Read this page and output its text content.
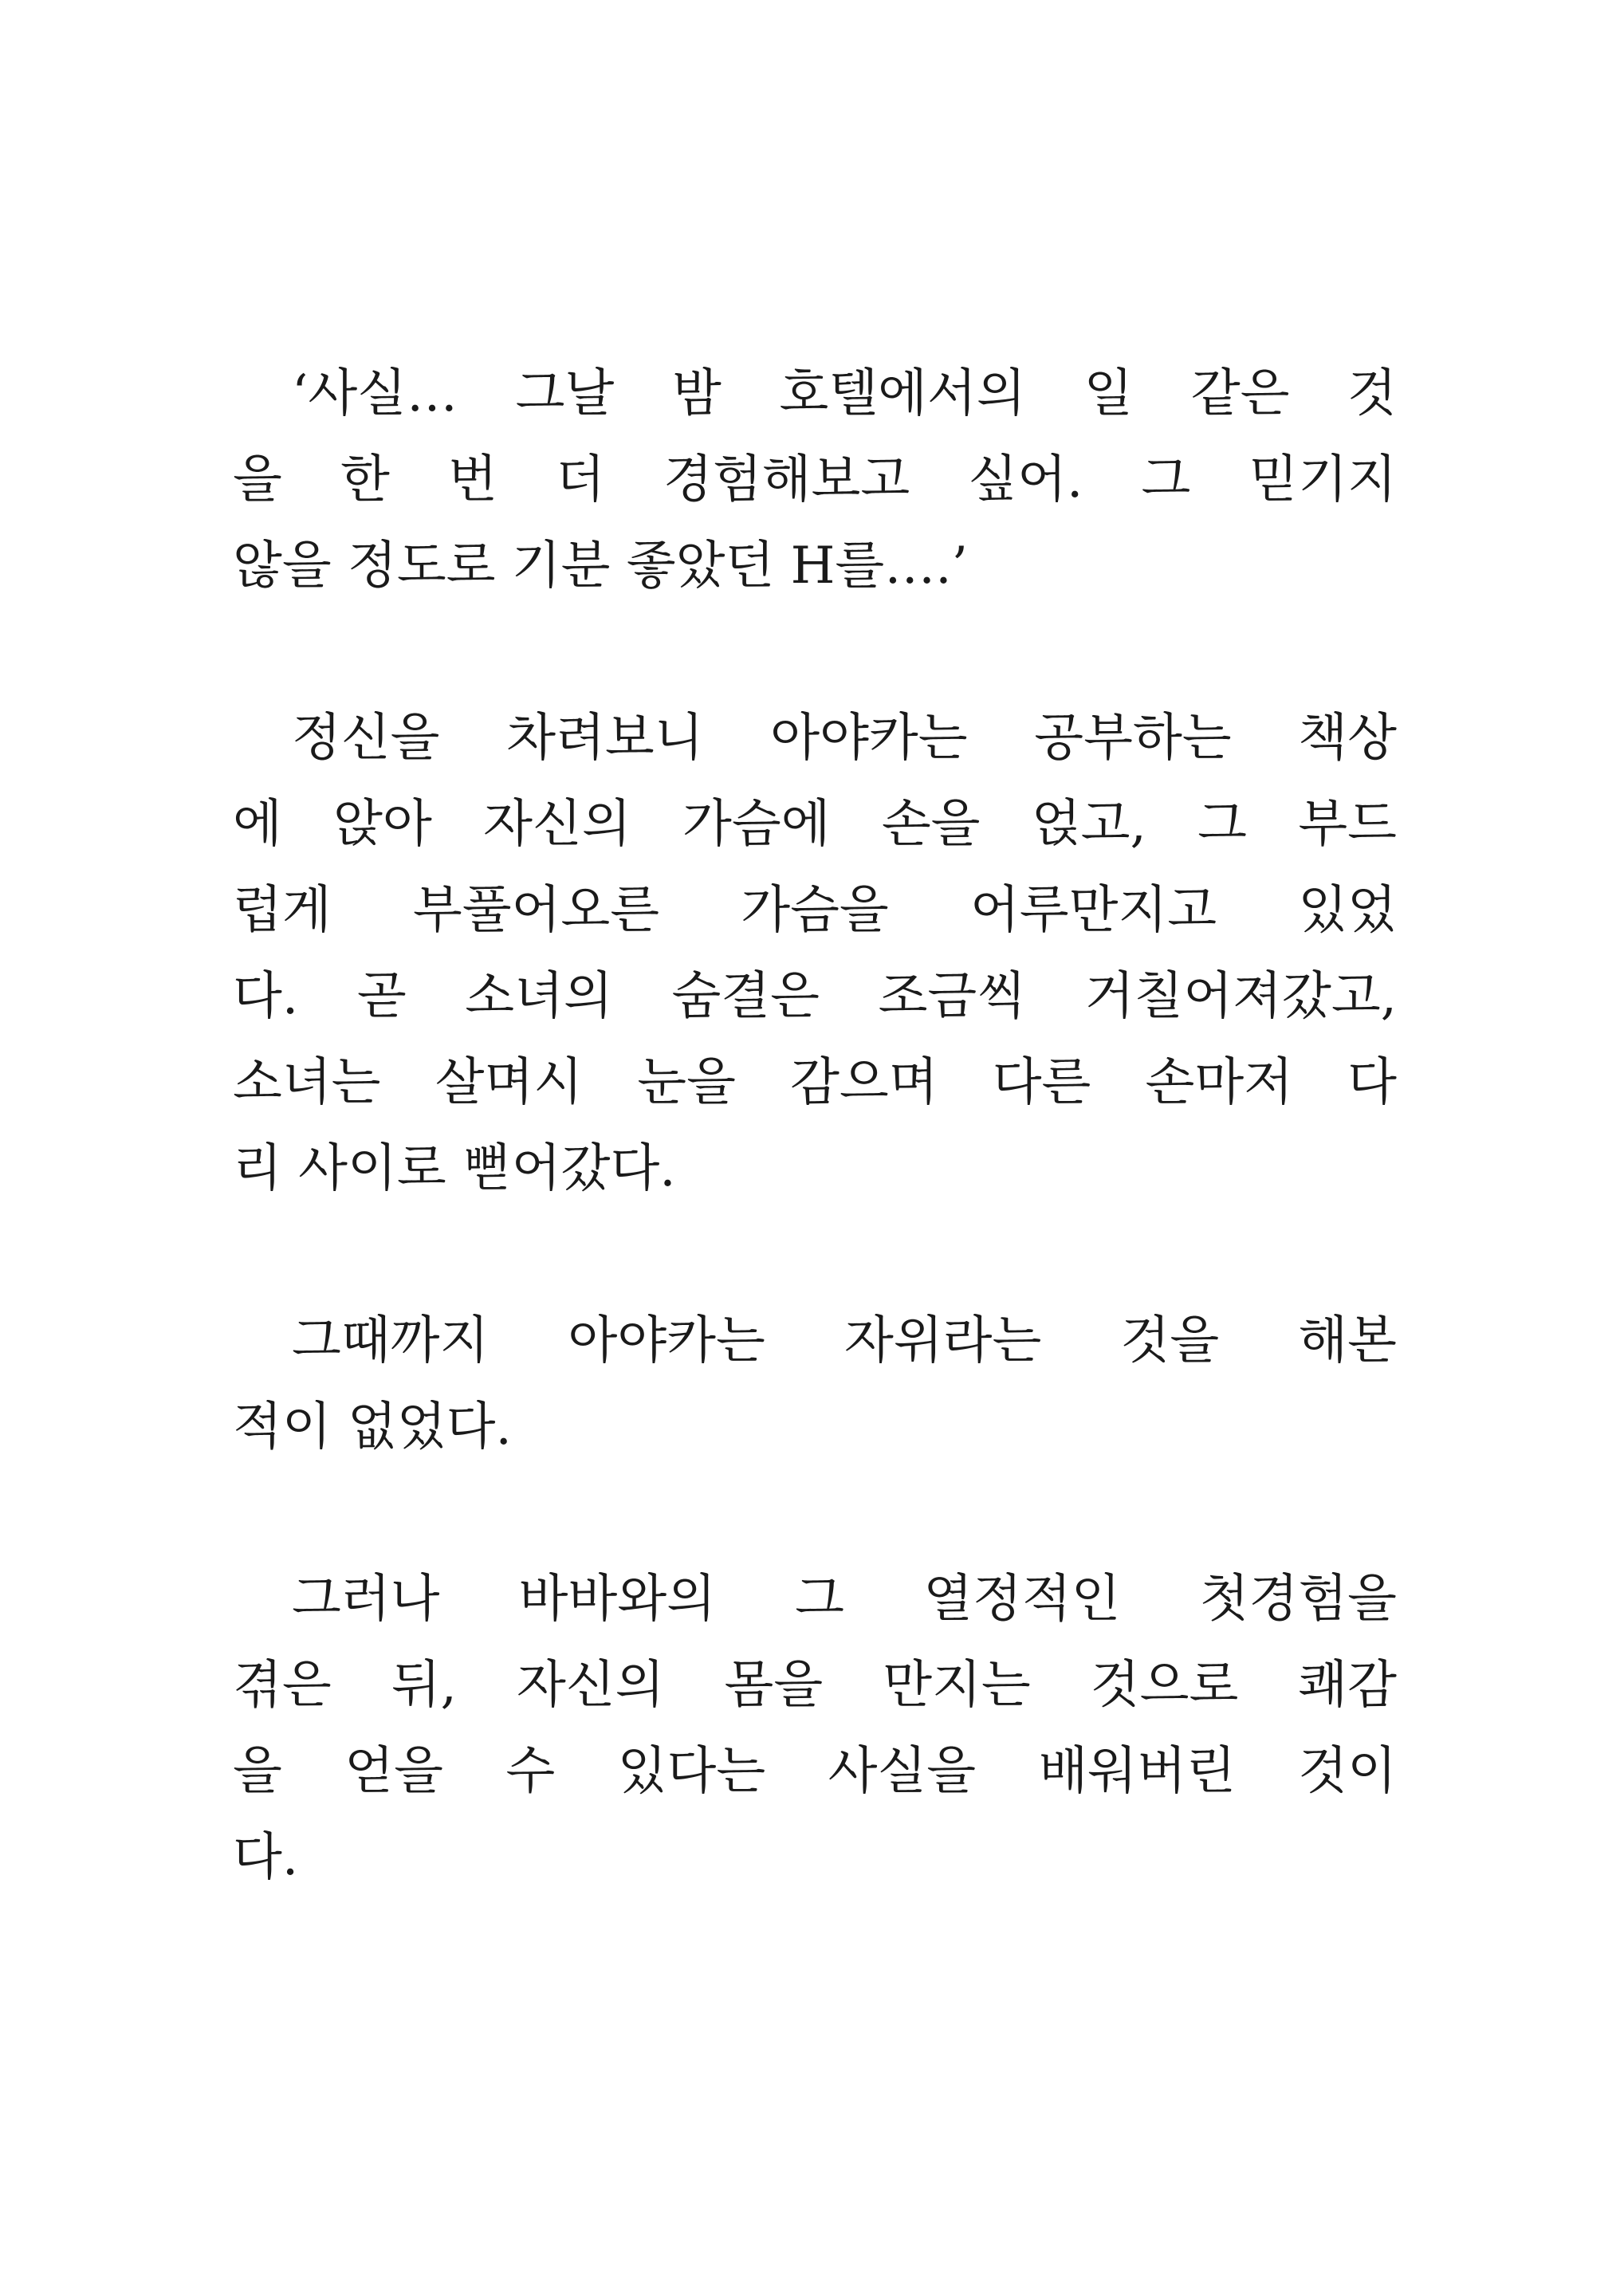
‘사실… 그날 밤 호텔에서의 일 같은 것
을 한 번 더 경험해보고 싶어. 그 믿기지
않을 정도로 기분 좋았던 H를….’

정신을 차려보니 아야카는 공부하는 책상
에 앉아 자신의 가슴에 손을 얹고, 그 부드
럽게 부풀어오른 가슴을 어루만지고 있었
다. 곧 소녀의 숨결은 조금씩 거칠어져갔고,
소녀는 살며시 눈을 감으며 다른 손마저 다
리 사이로 뻗어갔다.

그때까지 아야카는 자위라는 것을 해본
적이 없었다.

그러나 바바와의 그 열정적인 첫경험을
겪은 뒤, 자신의 몸을 만지는 것으로 쾌감
을 얻을 수 있다는 사실을 배워버린 것이
다.
